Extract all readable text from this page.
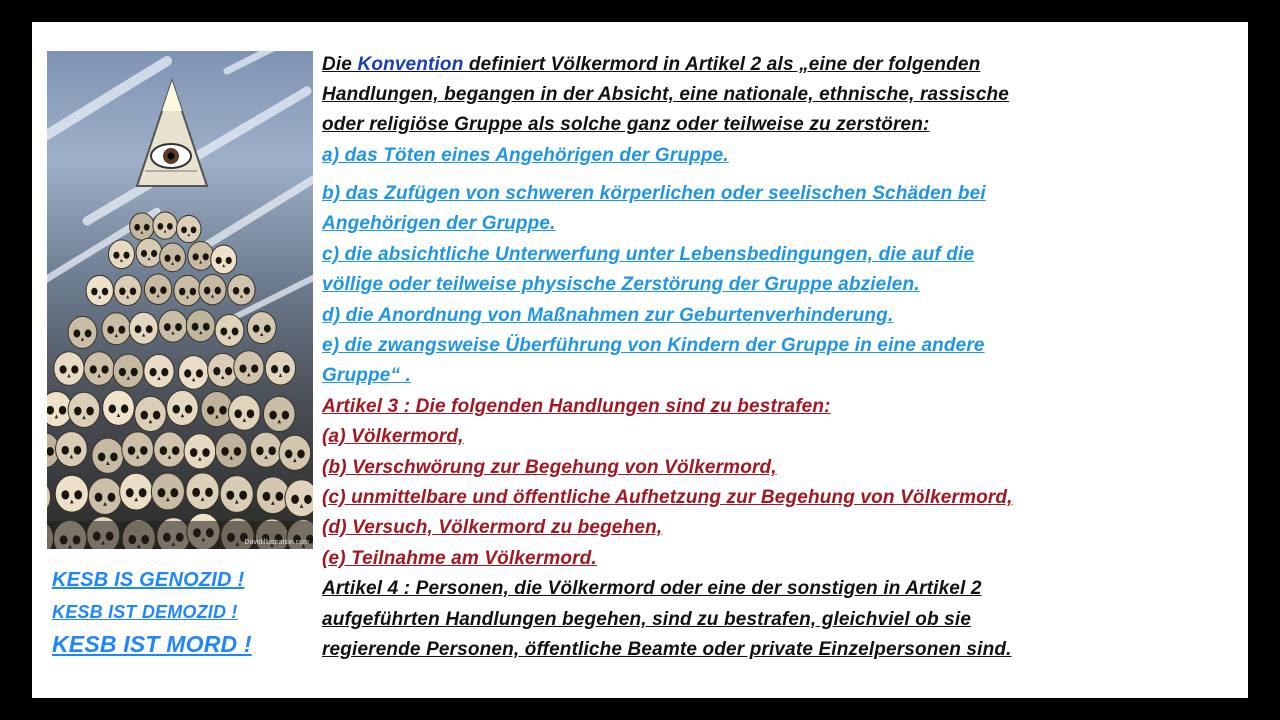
Davidillustration.com
KESB IS GENOZID !
KESB IST DEMOZID !
KESB IST MORD !
Die Konvention definiert Völkermord in Artikel 2 als „eine der folgenden
Handlungen, begangen in der Absicht, eine nationale, ethnische, rassische
oder religiöse Gruppe als solche ganz oder teilweise zu zerstören:
a) das Töten eines Angehörigen der Gruppe.
b) das Zufügen von schweren körperlichen oder seelischen Schäden bei
Angehörigen der Gruppe.
c) die absichtliche Unterwerfung unter Lebensbedingungen, die auf die
völlige oder teilweise physische Zerstörung der Gruppe abzielen.
d) die Anordnung von Maßnahmen zur Geburtenverhinderung.
e) die zwangsweise Überführung von Kindern der Gruppe in eine andere
Gruppe“ .
Artikel 3 : Die folgenden Handlungen sind zu bestrafen:
(a) Völkermord,
(b) Verschwörung zur Begehung von Völkermord,
(c) unmittelbare und öffentliche Aufhetzung zur Begehung von Völkermord,
(d) Versuch, Völkermord zu begehen,
(e) Teilnahme am Völkermord.
Artikel 4 : Personen, die Völkermord oder eine der sonstigen in Artikel 2
aufgeführten Handlungen begehen, sind zu bestrafen, gleichviel ob sie
regierende Personen, öffentliche Beamte oder private Einzelpersonen sind.
